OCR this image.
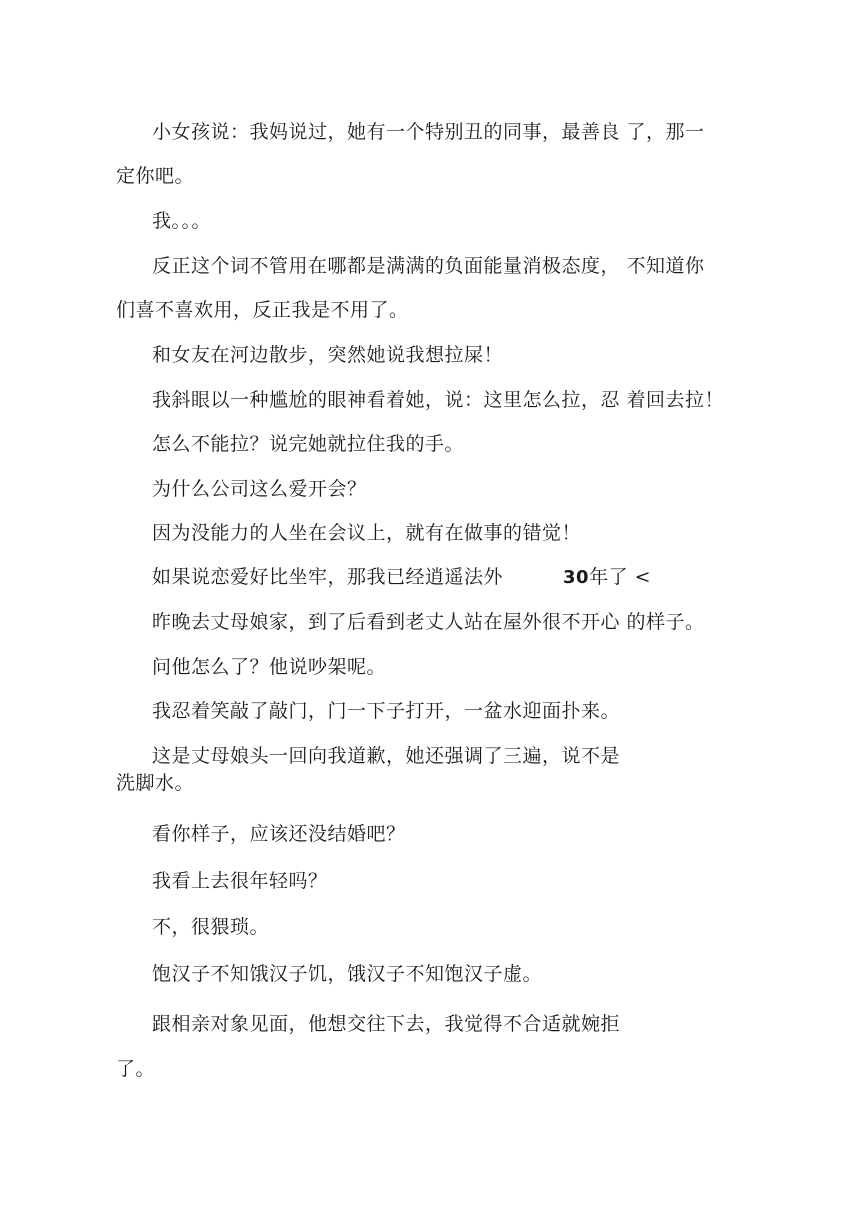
小女孩说：我妈说过，她有一个特别丑的同事，最善良 了，那一
定你吧。
我。。。
反正这个词不管用在哪都是满满的负面能量消极态度， 不知道你
们喜不喜欢用，反正我是不用了。
和女友在河边散步，突然她说我想拉屎！
我斜眼以一种尴尬的眼神看着她，说：这里怎么拉，忍 着回去拉！
怎么不能拉？说完她就拉住我的手。
为什么公司这么爱开会？
因为没能力的人坐在会议上，就有在做事的错觉！
如果说恋爱好比坐牢，那我已经逍遥法外	30年了 <
昨晚去丈母娘家，到了后看到老丈人站在屋外很不开心 的样子。
问他怎么了？他说吵架呢。
我忍着笑敲了敲门，门一下子打开，一盆水迎面扑来。
这是丈母娘头一回向我道歉，她还强调了三遍，说不是
洗脚水。
看你样子，应该还没结婚吧？
我看上去很年轻吗？
不，很猥琐。
饱汉子不知饿汉子饥，饿汉子不知饱汉子虚。
跟相亲对象见面，他想交往下去，我觉得不合适就婉拒
了。
